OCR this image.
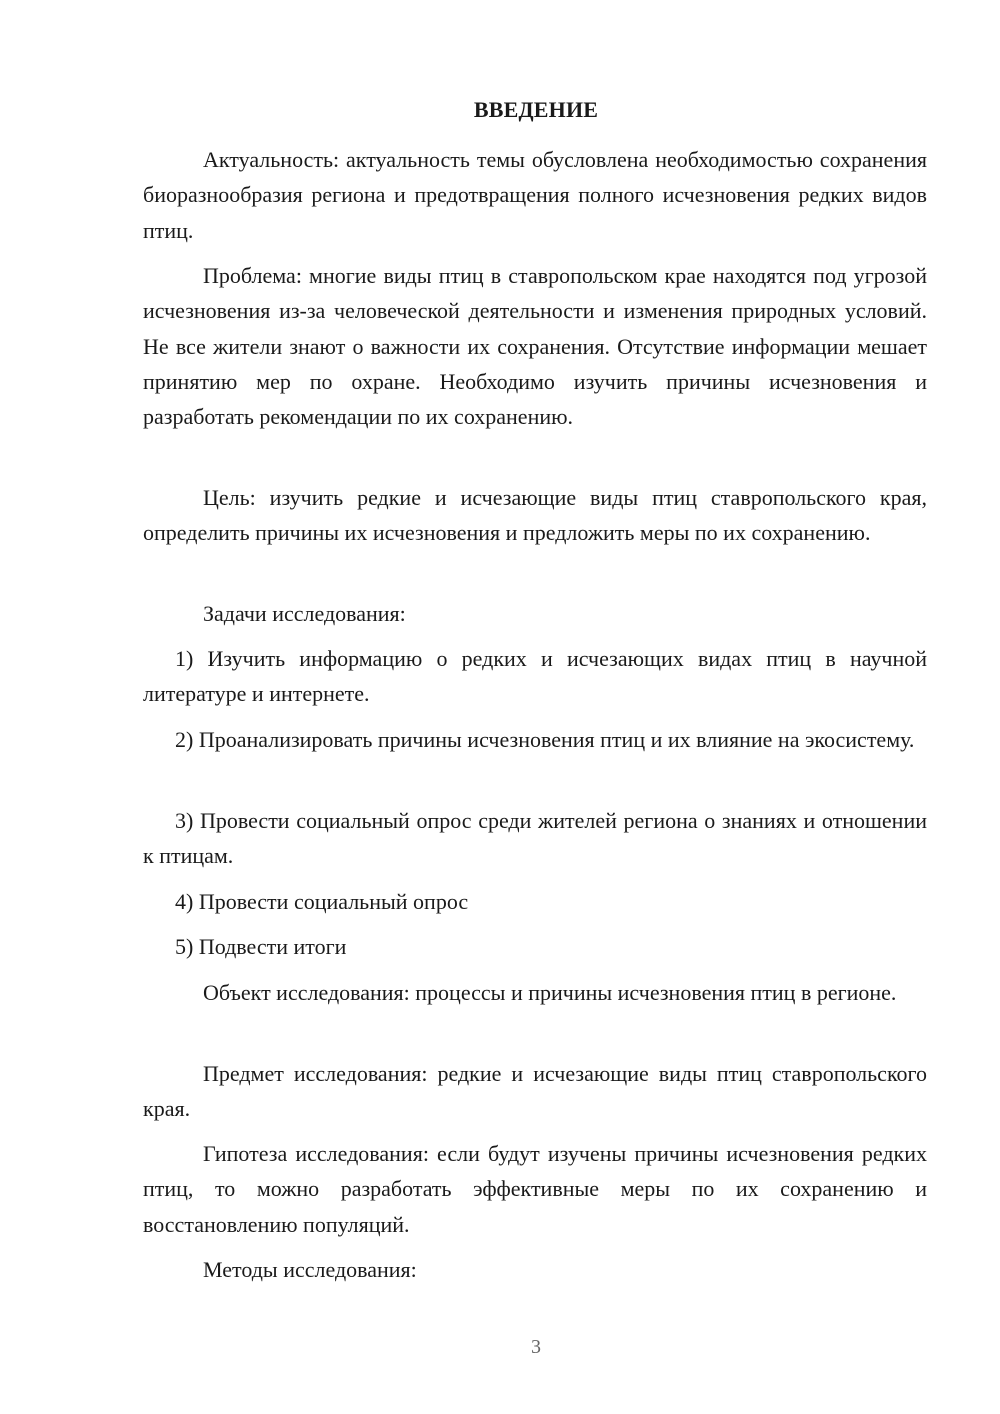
ВВЕДЕНИЕ

Актуальность: актуальность темы обусловлена необходимостью сохранения биоразнообразия региона и предотвращения полного исчезновения редких видов птиц.

Проблема: многие виды птиц в ставропольском крае находятся под угрозой исчезновения из-за человеческой деятельности и изменения природных условий. Не все жители знают о важности их сохранения. Отсутствие информации мешает принятию мер по охране. Необходимо изучить причины исчезновения и разработать рекомендации по их сохранению.

Цель: изучить редкие и исчезающие виды птиц ставропольского края, определить причины их исчезновения и предложить меры по их сохранению.

Задачи исследования:

1) Изучить информацию о редких и исчезающих видах птиц в научной литературе и интернете.

2) Проанализировать причины исчезновения птиц и их влияние на экосистему.

3) Провести социальный опрос среди жителей региона о знаниях и отношении к птицам.

4) Провести социальный опрос

5) Подвести итоги

Объект исследования: процессы и причины исчезновения птиц в регионе.

Предмет исследования: редкие и исчезающие виды птиц ставропольского края.

Гипотеза исследования: если будут изучены причины исчезновения редких птиц, то можно разработать эффективные меры по их сохранению и восстановлению популяций.

Методы исследования:

3
